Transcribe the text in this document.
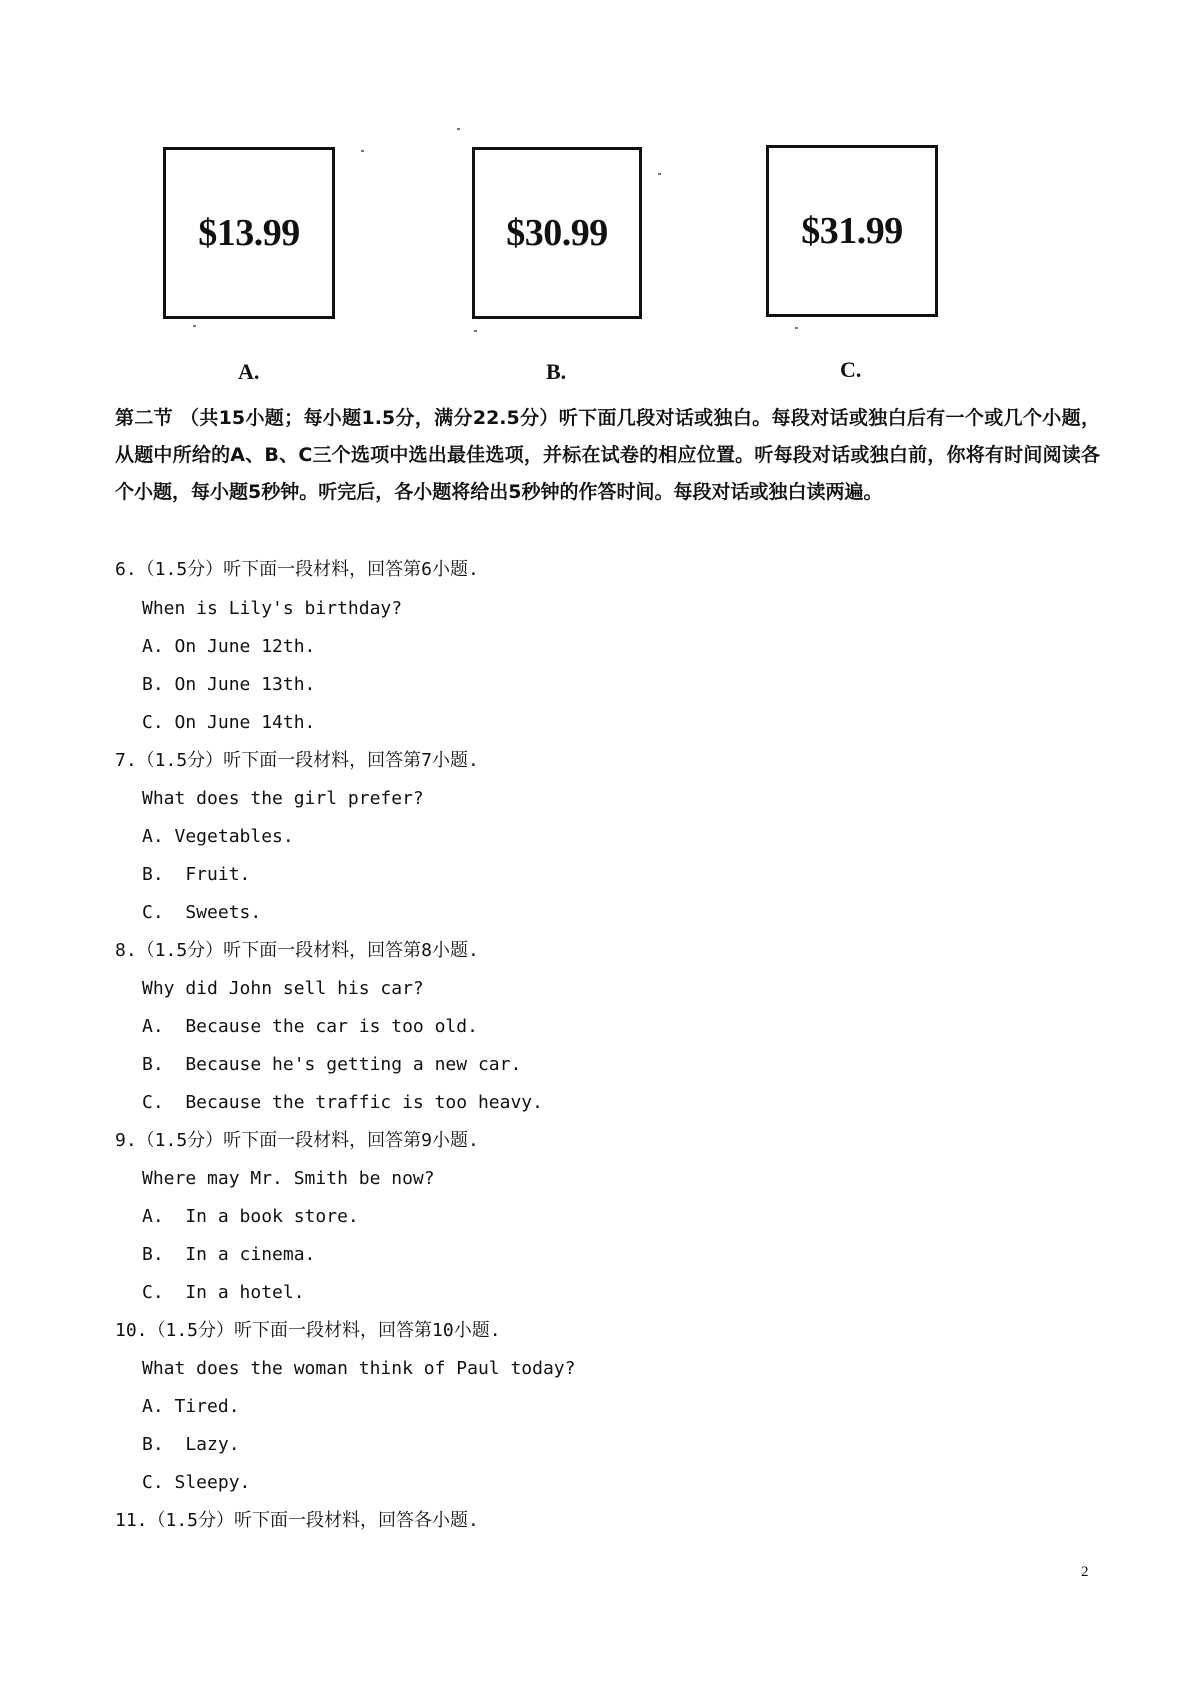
$13.99	$30.99	$31.99
A.	B.	C.
第二节 （共15小题；每小题1.5分，满分22.5分）听下面几段对话或独白。每段对话或独白后有一个或几个小题，从题中所给的A、B、C三个选项中选出最佳选项，并标在试卷的相应位置。听每段对话或独白前，你将有时间阅读各个小题，每小题5秒钟。听完后，各小题将给出5秒钟的作答时间。每段对话或独白读两遍。
6.（1.5分）听下面一段材料，回答第6小题.
When is Lily's birthday?
A. On June 12th.
B. On June 13th.
C. On June 14th.
7.（1.5分）听下面一段材料，回答第7小题.
What does the girl prefer?
A. Vegetables.
B.  Fruit.
C.  Sweets.
8.（1.5分）听下面一段材料，回答第8小题.
Why did John sell his car?
A.  Because the car is too old.
B.  Because he's getting a new car.
C.  Because the traffic is too heavy.
9.（1.5分）听下面一段材料，回答第9小题.
Where may Mr. Smith be now?
A.  In a book store.
B.  In a cinema.
C.  In a hotel.
10.（1.5分）听下面一段材料，回答第10小题.
What does the woman think of Paul today?
A. Tired.
B.  Lazy.
C. Sleepy.
11.（1.5分）听下面一段材料，回答各小题.
2
